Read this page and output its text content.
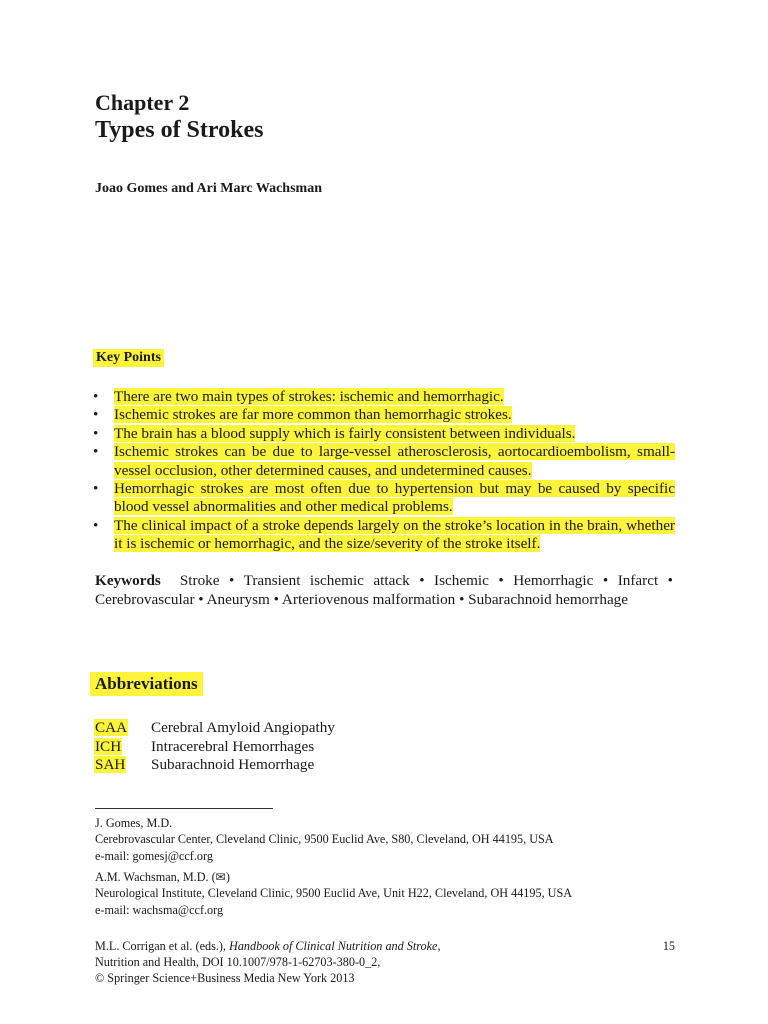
Chapter 2
Types of Strokes
Joao Gomes and Ari Marc Wachsman
Key Points
• There are two main types of strokes: ischemic and hemorrhagic.
• Ischemic strokes are far more common than hemorrhagic strokes.
• The brain has a blood supply which is fairly consistent between individuals.
• Ischemic strokes can be due to large-vessel atherosclerosis, aortocardioembolism, small-vessel occlusion, other determined causes, and undetermined causes.
• Hemorrhagic strokes are most often due to hypertension but may be caused by specific blood vessel abnormalities and other medical problems.
• The clinical impact of a stroke depends largely on the stroke’s location in the brain, whether it is ischemic or hemorrhagic, and the size/severity of the stroke itself.
Keywords Stroke • Transient ischemic attack • Ischemic • Hemorrhagic • Infarct • Cerebrovascular • Aneurysm • Arteriovenous malformation • Subarachnoid hemorrhage
Abbreviations
CAA	Cerebral Amyloid Angiopathy
ICH	Intracerebral Hemorrhages
SAH	Subarachnoid Hemorrhage
J. Gomes, M.D.
Cerebrovascular Center, Cleveland Clinic, 9500 Euclid Ave, S80, Cleveland, OH 44195, USA
e-mail: gomesj@ccf.org
A.M. Wachsman, M.D. (✉)
Neurological Institute, Cleveland Clinic, 9500 Euclid Ave, Unit H22, Cleveland, OH 44195, USA
e-mail: wachsma@ccf.org
M.L. Corrigan et al. (eds.), Handbook of Clinical Nutrition and Stroke,
Nutrition and Health, DOI 10.1007/978-1-62703-380-0_2,
© Springer Science+Business Media New York 2013
15
